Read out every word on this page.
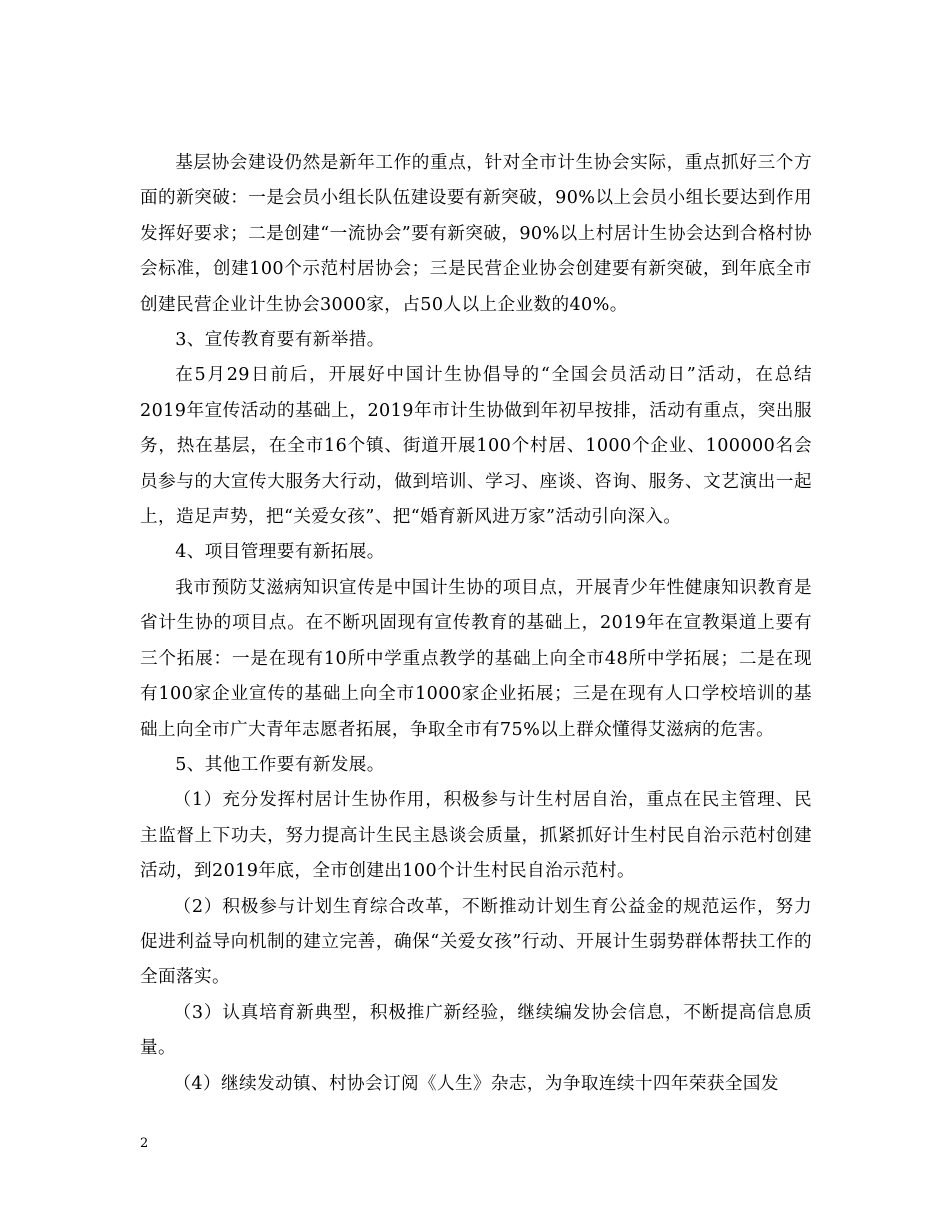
基层协会建设仍然是新年工作的重点，针对全市计生协会实际，重点抓好三个方面的新突破：一是会员小组长队伍建设要有新突破，90%以上会员小组长要达到作用发挥好要求；二是创建“一流协会”要有新突破，90%以上村居计生协会达到合格村协会标准，创建100个示范村居协会；三是民营企业协会创建要有新突破，到年底全市创建民营企业计生协会3000家，占50人以上企业数的40%。

3、宣传教育要有新举措。

在5月29日前后，开展好中国计生协倡导的“全国会员活动日”活动，在总结2019年宣传活动的基础上，2019年市计生协做到年初早按排，活动有重点，突出服务，热在基层，在全市16个镇、街道开展100个村居、1000个企业、100000名会员参与的大宣传大服务大行动，做到培训、学习、座谈、咨询、服务、文艺演出一起上，造足声势，把“关爱女孩”、把“婚育新风进万家”活动引向深入。

4、项目管理要有新拓展。

我市预防艾滋病知识宣传是中国计生协的项目点，开展青少年性健康知识教育是省计生协的项目点。在不断巩固现有宣传教育的基础上，2019年在宣教渠道上要有三个拓展：一是在现有10所中学重点教学的基础上向全市48所中学拓展；二是在现有100家企业宣传的基础上向全市1000家企业拓展；三是在现有人口学校培训的基础上向全市广大青年志愿者拓展，争取全市有75%以上群众懂得艾滋病的危害。

5、其他工作要有新发展。

（1）充分发挥村居计生协作用，积极参与计生村居自治，重点在民主管理、民主监督上下功夫，努力提高计生民主恳谈会质量，抓紧抓好计生村民自治示范村创建活动，到2019年底，全市创建出100个计生村民自治示范村。

（2）积极参与计划生育综合改革，不断推动计划生育公益金的规范运作，努力促进利益导向机制的建立完善，确保“关爱女孩”行动、开展计生弱势群体帮扶工作的全面落实。

（3）认真培育新典型，积极推广新经验，继续编发协会信息，不断提高信息质量。

（4）继续发动镇、村协会订阅《人生》杂志，为争取连续十四年荣获全国发

2
